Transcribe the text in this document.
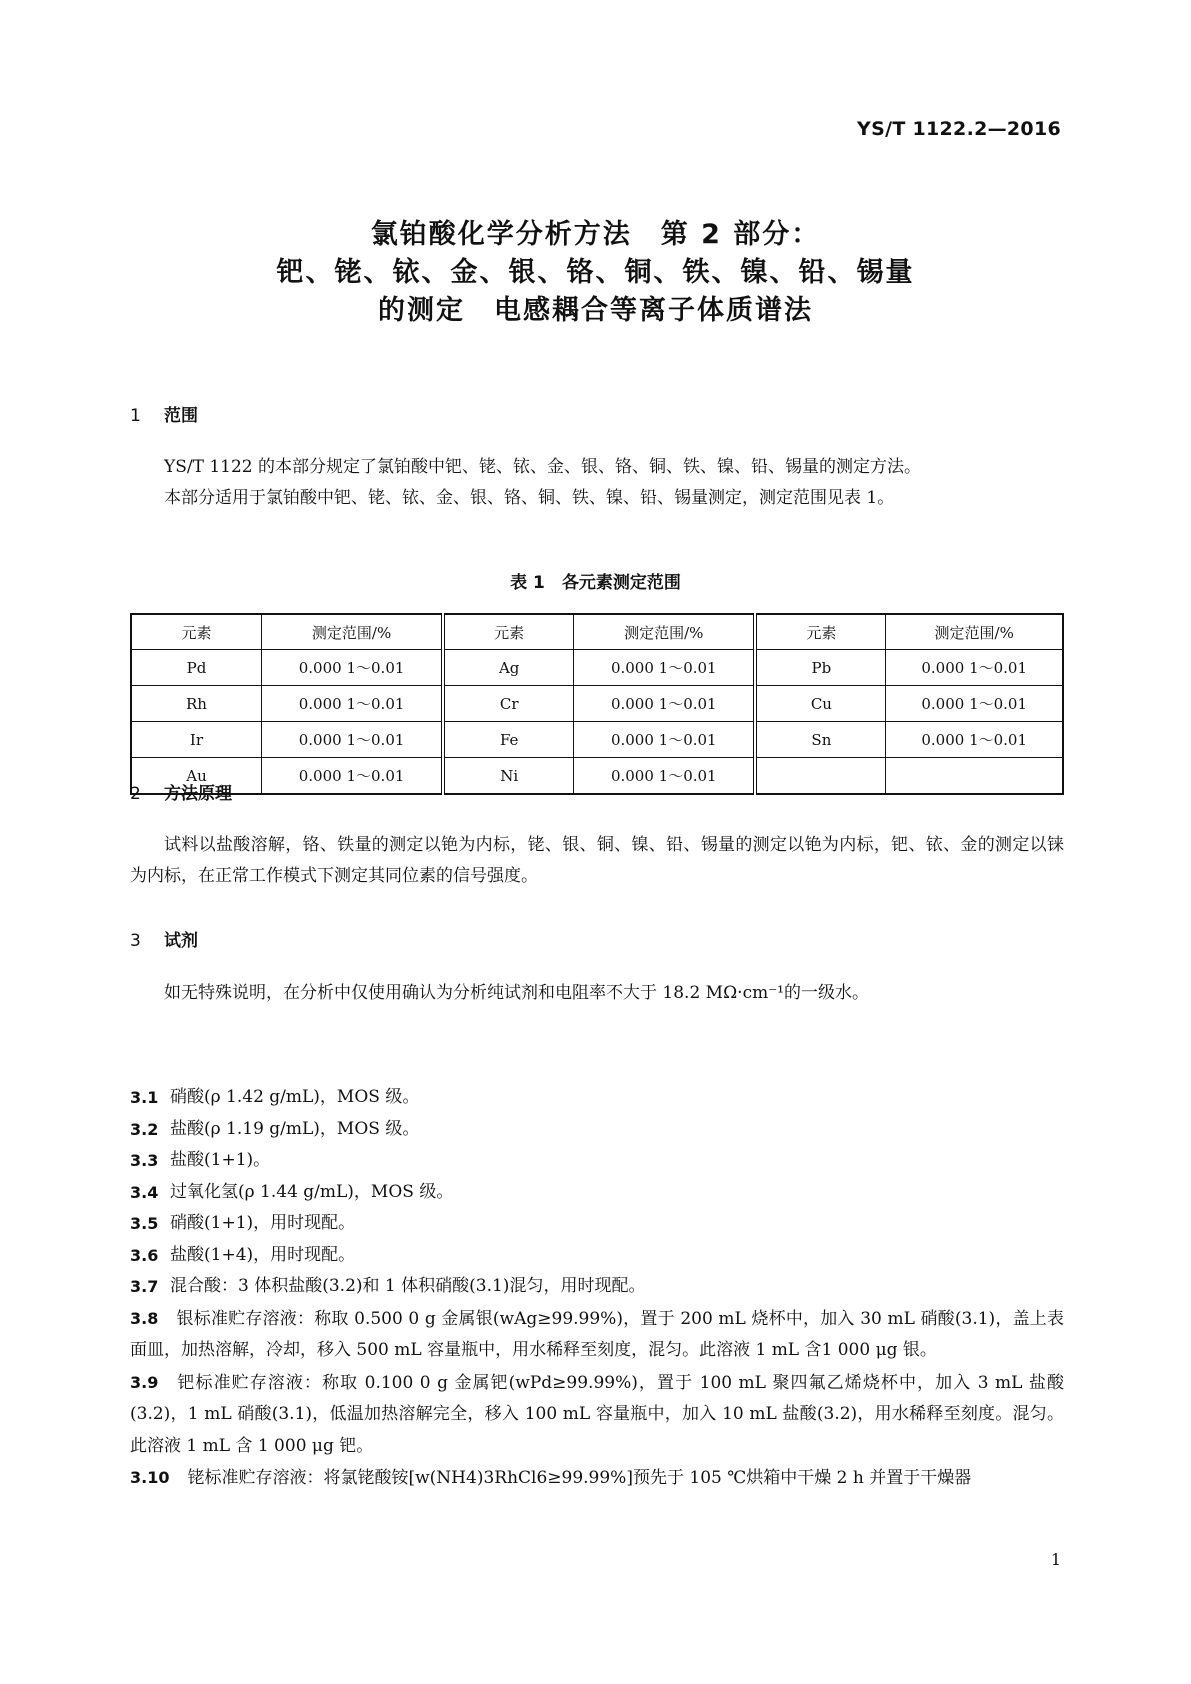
YS/T 1122.2—2016
氯铂酸化学分析方法　第 2 部分：
钯、铑、铱、金、银、铬、铜、铁、镍、铅、锡量
的测定　电感耦合等离子体质谱法
1 范围
YS/T 1122 的本部分规定了氯铂酸中钯、铑、铱、金、银、铬、铜、铁、镍、铅、锡量的测定方法。
本部分适用于氯铂酸中钯、铑、铱、金、银、铬、铜、铁、镍、铅、锡量测定，测定范围见表 1。
表 1　各元素测定范围
元素	测定范围/%	元素	测定范围/%	元素	测定范围/%
Pd	0.000 1～0.01	Ag	0.000 1～0.01	Pb	0.000 1～0.01
Rh	0.000 1～0.01	Cr	0.000 1～0.01	Cu	0.000 1～0.01
Ir	0.000 1～0.01	Fe	0.000 1～0.01	Sn	0.000 1～0.01
Au	0.000 1～0.01	Ni	0.000 1～0.01		
2 方法原理
试料以盐酸溶解，铬、铁量的测定以铯为内标，铑、银、铜、镍、铅、锡量的测定以铯为内标，钯、铱、金的测定以铼为内标，在正常工作模式下测定其同位素的信号强度。
3 试剂
如无特殊说明，在分析中仅使用确认为分析纯试剂和电阻率不大于 18.2 MΩ·cm⁻¹的一级水。
3.1 硝酸(ρ 1.42 g/mL)，MOS 级。
3.2 盐酸(ρ 1.19 g/mL)，MOS 级。
3.3 盐酸(1+1)。
3.4 过氧化氢(ρ 1.44 g/mL)，MOS 级。
3.5 硝酸(1+1)，用时现配。
3.6 盐酸(1+4)，用时现配。
3.7 混合酸：3 体积盐酸(3.2)和 1 体积硝酸(3.1)混匀，用时现配。
3.8 银标准贮存溶液：称取 0.500 0 g 金属银(wAg≥99.99%)，置于 200 mL 烧杯中，加入 30 mL 硝酸(3.1)，盖上表面皿，加热溶解，冷却，移入 500 mL 容量瓶中，用水稀释至刻度，混匀。此溶液 1 mL 含1 000 μg 银。
3.9 钯标准贮存溶液：称取 0.100 0 g 金属钯(wPd≥99.99%)，置于 100 mL 聚四氟乙烯烧杯中，加入 3 mL 盐酸(3.2)，1 mL 硝酸(3.1)，低温加热溶解完全，移入 100 mL 容量瓶中，加入 10 mL 盐酸(3.2)，用水稀释至刻度。混匀。此溶液 1 mL 含 1 000 μg 钯。
3.10 铑标准贮存溶液：将氯铑酸铵[w(NH4)3RhCl6≥99.99%]预先于 105 ℃烘箱中干燥 2 h 并置于干燥器
1
